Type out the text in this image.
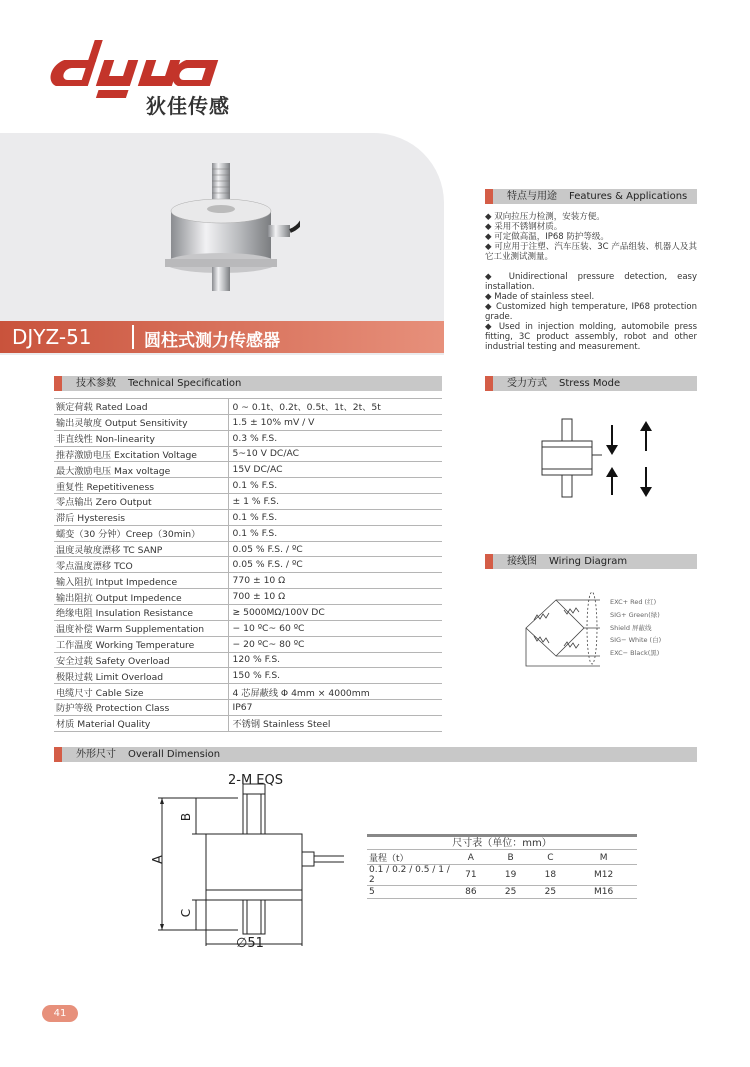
狄佳传感
DJYZ-51	圆柱式测力传感器
特点与用途 Features & Applications

◆ 双向拉压力检测，安装方便。

◆ 采用不锈钢材质。

◆ 可定做高温，IP68 防护等级。

◆ 可应用于注塑、汽车压装、3C 产品组装、机器人及其它工业测试测量。

◆ Unidirectional pressure detection, easy installation.

◆ Made of stainless steel.

◆ Customized high temperature, IP68 protection grade.

◆ Used in injection molding, automobile press fitting, 3C product assembly, robot and other industrial testing and measurement.

技术参数 Technical Specification
额定荷载 Rated Load	0 ~ 0.1t、0.2t、0.5t、1t、2t、5t
输出灵敏度 Output Sensitivity	1.5 ± 10% mV / V
非直线性 Non-linearity	0.3 % F.S.
推荐激励电压 Excitation Voltage	5~10 V DC/AC
最大激励电压 Max voltage	15V DC/AC
重复性 Repetitiveness	0.1 % F.S.
零点输出 Zero Output	± 1 % F.S.
滞后 Hysteresis	0.1 % F.S.
蠕变（30 分钟）Creep（30min）	0.1 % F.S.
温度灵敏度漂移 TC SANP	0.05 % F.S. / ºC
零点温度漂移 TCO	0.05 % F.S. / ºC
输入阻抗 Intput Impedence	770 ± 10 Ω
输出阻抗 Output Impedence	700 ± 10 Ω
绝缘电阻 Insulation Resistance	≥ 5000MΩ/100V DC
温度补偿 Warm Supplementation	− 10 ºC~ 60 ºC
工作温度 Working Temperature	− 20 ºC~ 80 ºC
安全过载 Safety Overload	120 % F.S.
极限过载 Limit Overload	150 % F.S.
电缆尺寸 Cable Size	4 芯屏蔽线 Φ 4mm × 4000mm
防护等级 Protection Class	IP67
材质 Material Quality	不锈钢 Stainless Steel
受力方式 Stress Mode
接线图 Wiring Diagram
EXC+ Red (红)
SIG+ Green(绿)
Shield 屏蔽线
SIG− White (白)
EXC− Black(黑)
外形尺寸 Overall Dimension
2-M EQS
A
B
C
∅51
尺寸表（单位：mm）
量程（t）	A	B	C	M
0.1 / 0.2 / 0.5 / 1 / 2	71	19	18	M12
5	86	25	25	M16
41
